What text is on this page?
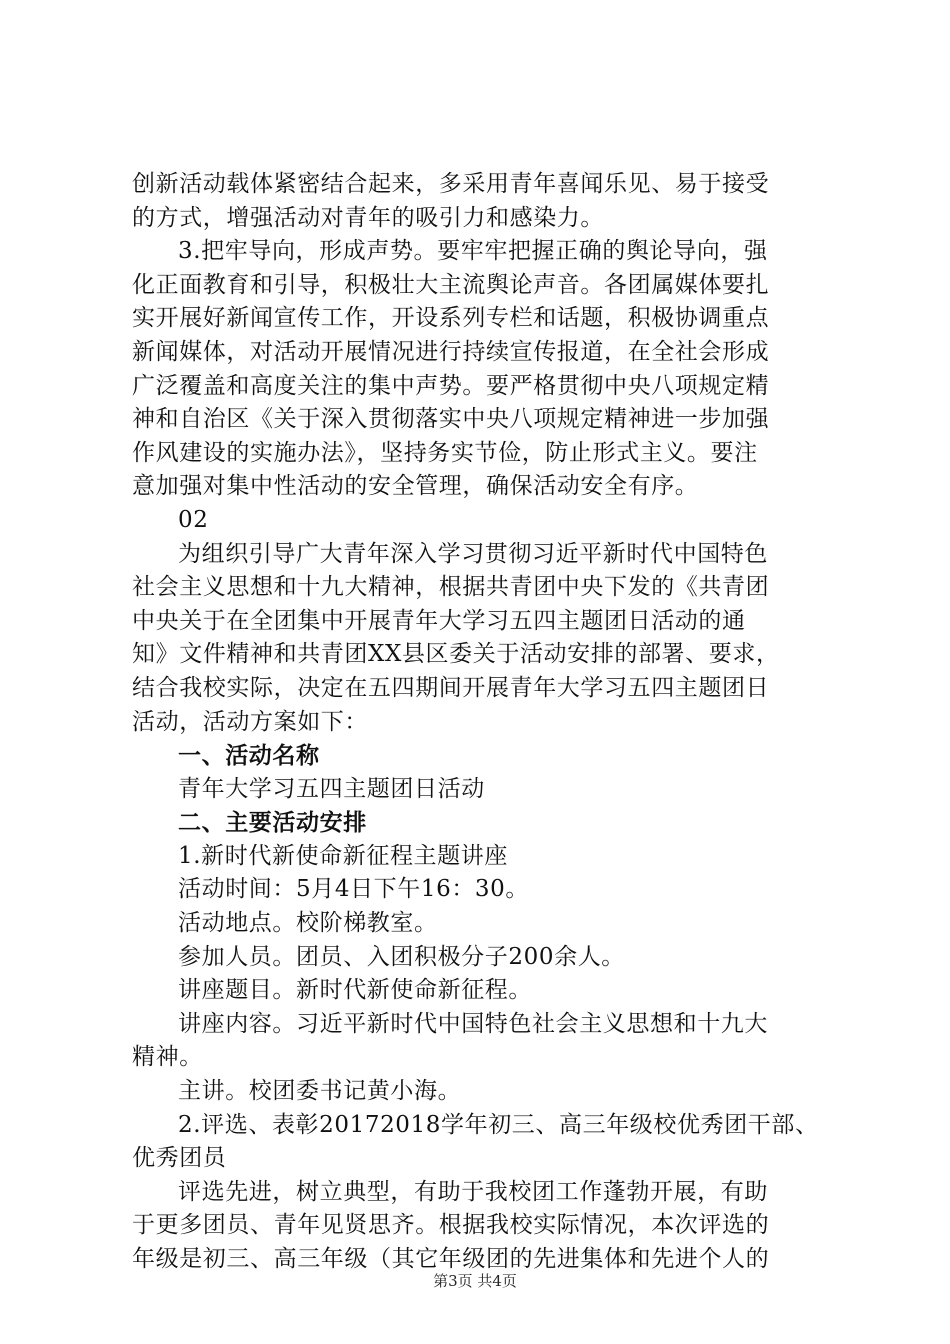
创新活动载体紧密结合起来，多采用青年喜闻乐见、易于接受
的方式，增强活动对青年的吸引力和感染力。
3.把牢导向，形成声势。要牢牢把握正确的舆论导向，强
化正面教育和引导，积极壮大主流舆论声音。各团属媒体要扎
实开展好新闻宣传工作，开设系列专栏和话题，积极协调重点
新闻媒体，对活动开展情况进行持续宣传报道，在全社会形成
广泛覆盖和高度关注的集中声势。要严格贯彻中央八项规定精
神和自治区《关于深入贯彻落实中央八项规定精神进一步加强
作风建设的实施办法》，坚持务实节俭，防止形式主义。要注
意加强对集中性活动的安全管理，确保活动安全有序。
02
为组织引导广大青年深入学习贯彻习近平新时代中国特色
社会主义思想和十九大精神，根据共青团中央下发的《共青团
中央关于在全团集中开展青年大学习五四主题团日活动的通
知》文件精神和共青团XX县区委关于活动安排的部署、要求，
结合我校实际，决定在五四期间开展青年大学习五四主题团日
活动，活动方案如下：
一、活动名称
青年大学习五四主题团日活动
二、主要活动安排
1.新时代新使命新征程主题讲座
活动时间：5月4日下午16：30。
活动地点。校阶梯教室。
参加人员。团员、入团积极分子200余人。
讲座题目。新时代新使命新征程。
讲座内容。习近平新时代中国特色社会主义思想和十九大
精神。
主讲。校团委书记黄小海。
2.评选、表彰20172018学年初三、高三年级校优秀团干部、
优秀团员
评选先进，树立典型，有助于我校团工作蓬勃开展，有助
于更多团员、青年见贤思齐。根据我校实际情况，本次评选的
年级是初三、高三年级（其它年级团的先进集体和先进个人的
第3页 共4页
